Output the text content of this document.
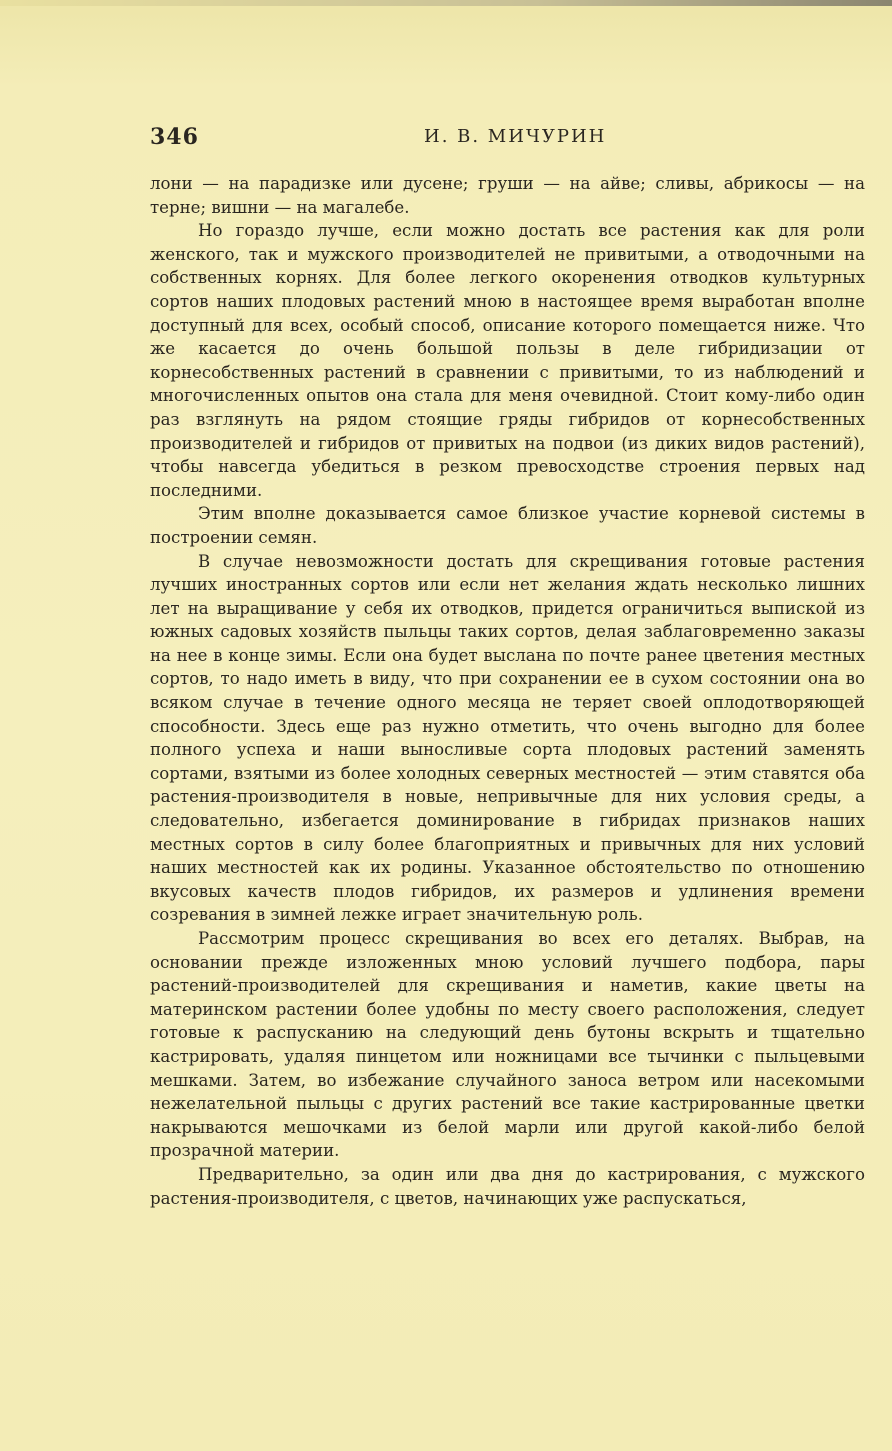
346	И. В. МИЧУРИН

лони — на парадизке или дусене; груши — на айве; сливы, абрикосы — на терне; вишни — на магалебе.

Но гораздо лучше, если можно достать все растения как для роли женского, так и мужского производителей не привитыми, а отводочными на собственных корнях. Для более легкого окоренения отводков культурных сортов наших плодовых растений мною в настоящее время выработан вполне доступный для всех, особый способ, описание которого помещается ниже. Что же касается до очень большой пользы в деле гибридизации от корнесобственных растений в сравнении с привитыми, то из наблюдений и многочисленных опытов она стала для меня очевидной. Стоит кому-либо один раз взглянуть на рядом стоящие гряды гибридов от корнесобственных производителей и гибридов от привитых на подвои (из диких видов растений), чтобы навсегда убедиться в резком превосходстве строения первых над последними.

Этим вполне доказывается самое близкое участие корневой системы в построении семян.

В случае невозможности достать для скрещивания готовые растения лучших иностранных сортов или если нет желания ждать несколько лишних лет на выращивание у себя их отводков, придется ограничиться выпиской из южных садовых хозяйств пыльцы таких сортов, делая заблаговременно заказы на нее в конце зимы. Если она будет выслана по почте ранее цветения местных сортов, то надо иметь в виду, что при сохранении ее в сухом состоянии она во всяком случае в течение одного месяца не теряет своей оплодотворяющей способности. Здесь еще раз нужно отметить, что очень выгодно для более полного успеха и наши выносливые сорта плодовых растений заменять сортами, взятыми из более холодных северных местностей — этим ставятся оба растения-производителя в новые, непривычные для них условия среды, а следовательно, избегается доминирование в гибридах признаков наших местных сортов в силу более благоприятных и привычных для них условий наших местностей как их родины. Указанное обстоятельство по отношению вкусовых качеств плодов гибридов, их размеров и удлинения времени созревания в зимней лежке играет значительную роль.

Рассмотрим процесс скрещивания во всех его деталях. Выбрав, на основании прежде изложенных мною условий лучшего подбора, пары растений-производителей для скрещивания и наметив, какие цветы на материнском растении более удобны по месту своего расположения, следует готовые к распусканию на следующий день бутоны вскрыть и тщательно кастрировать, удаляя пинцетом или ножницами все тычинки с пыльцевыми мешками. Затем, во избежание случайного заноса ветром или насекомыми нежелательной пыльцы с других растений все такие кастрированные цветки накрываются мешочками из белой марли или другой какой-либо белой прозрачной материи.

Предварительно, за один или два дня до кастрирования, с мужского растения-производителя, с цветов, начинающих уже распускаться,
